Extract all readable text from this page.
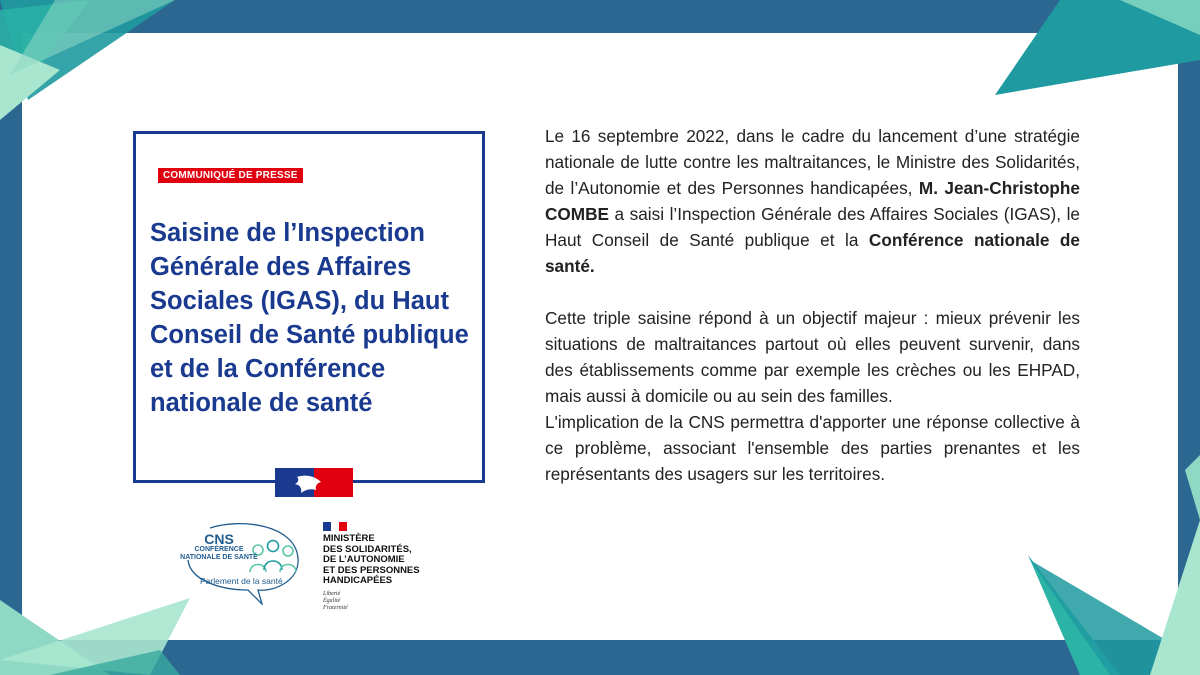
COMMUNIQUÉ DE PRESSE
Saisine de l’Inspection Générale des Affaires Sociales (IGAS), du Haut Conseil de Santé publique et de la Conférence nationale de santé
CNS
CONFÉRENCE NATIONALE DE SANTÉ
Parlement de la santé
MINISTÈRE
DES SOLIDARITÉS,
DE L’AUTONOMIE
ET DES PERSONNES
HANDICAPÉES
Liberté
Égalité
Fraternité

Le 16 septembre 2022, dans le cadre du lancement d’une stratégie nationale de lutte contre les maltraitances, le Ministre des Solidarités, de l’Autonomie et des Personnes handicapées, M. Jean-Christophe COMBE a saisi l’Inspection Générale des Affaires Sociales (IGAS), le Haut Conseil de Santé publique et la Conférence nationale de santé.

Cette triple saisine répond à un objectif majeur : mieux prévenir les situations de maltraitances partout où elles peuvent survenir, dans des établissements comme par exemple les crèches ou les EHPAD, mais aussi à domicile ou au sein des familles.

L'implication de la CNS permettra d'apporter une réponse collective à ce problème, associant l'ensemble des parties prenantes et les représentants des usagers sur les territoires.
